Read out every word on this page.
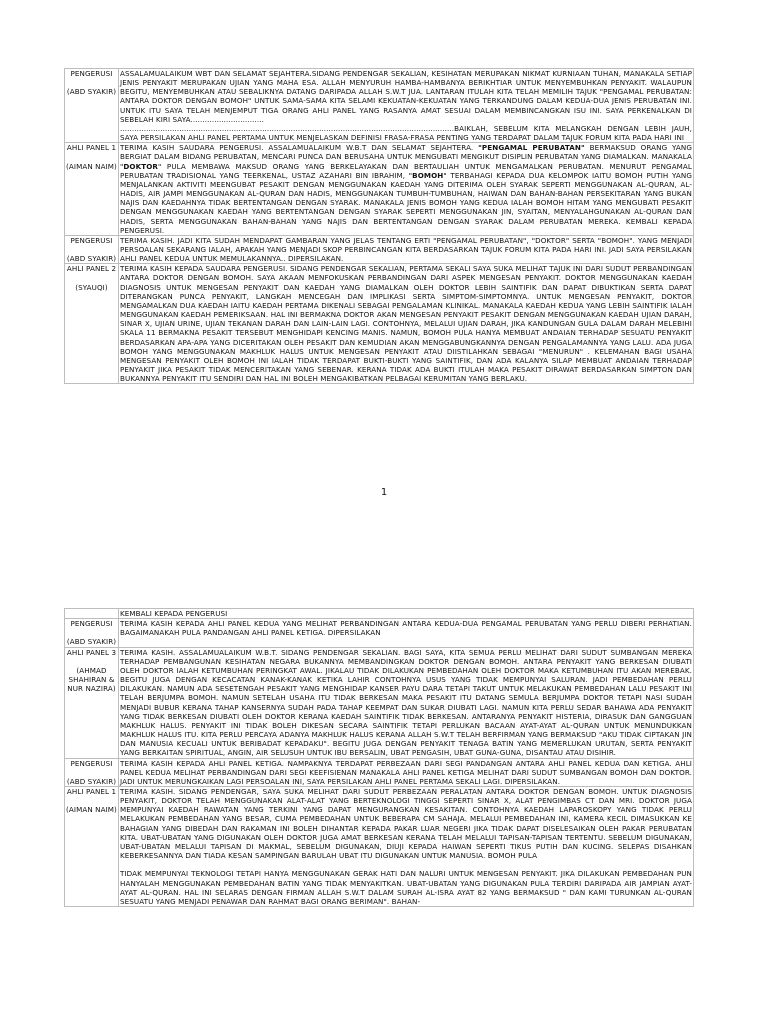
PENGERUSI

(ABD SYAKIR)	ASSALAMUALAIKUM WBT DAN SELAMAT SEJAHTERA.SIDANG PENDENGAR SEKALIAN, KESIHATAN MERUPAKAN NIKMAT KURNIAAN TUHAN, MANAKALA SETIAP JENIS PENYAKIT MERUPAKAN UJIAN YANG MAHA ESA. ALLAH MENYURUH HAMBA-HAMBANYA BERIKHTIAR UNTUK MENYEMBUHKAN PENYAKIT. WALAUPUN BEGITU, MENYEMBUHKAN ATAU SEBALIKNYA DATANG DARIPADA ALLAH S.W.T JUA. LANTARAN ITULAH KITA TELAH MEMILIH TAJUK "PENGAMAL PERUBATAN: ANTARA DOKTOR DENGAN BOMOH" UNTUK SAMA-SAMA KITA SELAMI KEKUATAN-KEKUATAN YANG TERKANDUNG DALAM KEDUA-DUA JENIS PERUBATAN INI. UNTUK ITU SAYA TELAH MENJEMPUT TIGA ORANG AHLI PANEL YANG RASANYA AMAT SESUAI DALAM MEMBINCANGKAN ISU INI. SAYA PERKENALKAN DI SEBELAH KIRI SAYA...............................
.............................................................................................................................................BAIKLAH, SEBELUM KITA MELANGKAH DENGAN LEBIH JAUH, SAYA PERSILAKAN AHLI PANEL PERTAMA UNTUK MENJELASKAN DEFINISI FRASA-FRASA PENTING YANG TERDAPAT DALAM TAJUK FORUM KITA PADA HARI INI
AHLI PANEL 1

(AIMAN NAIM)	TERIMA KASIH SAUDARA PENGERUSI. ASSALAMUALAIKUM W.B.T DAN SELAMAT SEJAHTERA. "PENGAMAL PERUBATAN" BERMAKSUD ORANG YANG BERGIAT DALAM BIDANG PERUBATAN, MENCARI PUNCA DAN BERUSAHA UNTUK MENGUBATI MENGIKUT DISIPLIN PERUBATAN YANG DIAMALKAN. MANAKALA "DOKTOR" PULA MEMBAWA MAKSUD ORANG YANG BERKELAYAKAN DAN BERTAULIAH UNTUK MENGAMALKAN PERUBATAN. MENURUT PENGAMAL PERUBATAN TRADISIONAL YANG TEERKENAL, USTAZ AZAHARI BIN IBRAHIM, "BOMOH" TERBAHAGI KEPADA DUA KELOMPOK IAITU BOMOH PUTIH YANG MENJALANKAN AKTIVITI MEENGUBAT PESAKIT DENGAN MENGGUNAKAN KAEDAH YANG DITERIMA OLEH SYARAK SEPERTI MENGGUNAKAN AL-QURAN, AL-HADIS, AIR JAMPI MENGGUNAKAN AL-QURAN DAN HADIS, MENGGUNAKAN TUMBUH-TUMBUHAN, HAIWAN DAN BAHAN-BAHAN PERSEKITARAN YANG BUKAN NAJIS DAN KAEDAHNYA TIDAK BERTENTANGAN DENGAN SYARAK. MANAKALA JENIS BOMOH YANG KEDUA IALAH BOMOH HITAM YANG MENGUBATI PESAKIT DENGAN MENGGUNAKAN KAEDAH YANG BERTENTANGAN DENGAN SYARAK SEPERTI MENGGUNAKAN JIN, SYAITAN, MENYALAHGUNAKAN AL-QURAN DAN HADIS, SERTA MENGGUNAKAN BAHAN-BAHAN YANG NAJIS DAN BERTENTANGAN DENGAN SYARAK DALAM PERUBATAN MEREKA. KEMBALI KEPADA PENGERUSI.
PENGERUSI

(ABD SYAKIR)	TERIMA KASIH. JADI KITA SUDAH MENDAPAT GAMBARAN YANG JELAS TENTANG ERTI "PENGAMAL PERUBATAN", "DOKTOR" SERTA "BOMOH". YANG MENJADI PERSOALAN SEKARANG IALAH, APAKAH YANG MENJADI SKOP PERBINCANGAN KITA BERDASARKAN TAJUK FORUM KITA PADA HARI INI. JADI SAYA PERSILAKAN AHLI PANEL KEDUA UNTUK MEMULAKANNYA.. DIPERSILAKAN.
AHLI PANEL 2

(SYAUQI)	TERIMA KASIH KEPADA SAUDARA PENGERUSI. SIDANG PENDENGAR SEKALIAN, PERTAMA SEKALI SAYA SUKA MELIHAT TAJUK INI DARI SUDUT PERBANDINGAN ANTARA DOKTOR DENGAN BOMOH. SAYA AKAAN MENFOKUSKAN PERBANDINGAN DARI ASPEK MENGESAN PENYAKIT. DOKTOR MENGGUNAKAN KAEDAH DIAGNOSIS UNTUK MENGESAN PENYAKIT DAN KAEDAH YANG DIAMALKAN OLEH DOKTOR LEBIH SAINTIFIK DAN DAPAT DIBUKTIKAN SERTA DAPAT DITERANGKAN PUNCA PENYAKIT, LANGKAH MENCEGAH DAN IMPLIKASI SERTA SIMPTOM-SIMPTOMNYA. UNTUK MENGESAN PENYAKIT, DOKTOR MENGAMALKAN DUA KAEDAH IAITU KAEDAH PERTAMA DIKENALI SEBAGAI PENGALAMAN KLINIKAL. MANAKALA KAEDAH KEDUA YANG LEBIH SAINTIFIK IALAH MENGGUNAKAN KAEDAH PEMERIKSAAN. HAL INI BERMAKNA DOKTOR AKAN MENGESAN PENYAKIT PESAKIT DENGAN MENGGUNAKAN KAEDAH UJIAN DARAH, SINAR X, UJIAN URINE, UJIAN TEKANAN DARAH DAN LAIN-LAIN LAGI. CONTOHNYA, MELALUI UJIAN DARAH, JIKA KANDUNGAN GULA DALAM DARAH MELEBIHI SKALA 11 BERMAKNA PESAKIT TERSEBUT MENGHIDAPI KENCING MANIS. NAMUN, BOMOH PULA HANYA MEMBUAT ANDAIAN TERHADAP SESUATU PENYAKIT BERDASARKAN APA-APA YANG DICERITAKAN OLEH PESAKIT DAN KEMUDIAN AKAN MENGGABUNGKANNYA DENGAN PENGALAMANNYA YANG LALU. ADA JUGA BOMOH YANG MENGGUNAKAN MAKHLUK HALUS UNTUK MENGESAN PENYAKIT ATAU DIISTILAHKAN SEBAGAI "MENURUN" . KELEMAHAN BAGI USAHA MENGESAN PENYAKIT OLEH BOMOH INI IALAH TIDAK TERDAPAT BUKTI-BUKTI YANG SAINTIFIK, DAN ADA KALANYA SILAP MEMBUAT ANDAIAN TERHADAP PENYAKIT JIKA PESAKIT TIDAK MENCERITAKAN YANG SEBENAR. KERANA TIDAK ADA BUKTI ITULAH MAKA PESAKIT DIRAWAT BERDASARKAN SIMPTON DAN BUKANNYA PENYAKIT ITU SENDIRI DAN HAL INI BOLEH MENGAKIBATKAN PELBAGAI KERUMITAN YANG BERLAKU.
1
	KEMBALI KEPADA PENGERUSI
PENGERUSI

(ABD SYAKIR)	TERIMA KASIH KEPADA AHLI PANEL KEDUA YANG MELIHAT PERBANDINGAN ANTARA KEDUA-DUA PENGAMAL PERUBATAN YANG PERLU DIBERI PERHATIAN. BAGAIMANAKAH PULA PANDANGAN AHLI PANEL KETIGA. DIPERSILAKAN
AHLI PANEL 3

(AHMAD SHAHIRAN & NUR NAZIRA)	TERIMA KASIH. ASSALAMUALAIKUM W.B.T. SIDANG PENDENGAR SEKALIAN. BAGI SAYA, KITA SEMUA PERLU MELIHAT DARI SUDUT SUMBANGAN MEREKA TERHADAP PEMBANGUNAN KESIHATAN NEGARA BUKANNYA MEMBANDINGKAN DOKTOR DENGAN BOMOH. ANTARA PENYAKIT YANG BERKESAN DIUBATI OLEH DOKTOR IALAH KETUMBUHAN PERINGKAT AWAL. JIKALAU TIDAK DILAKUKAN PEMBEDAHAN OLEH DOKTOR MAKA KETUMBUHAN ITU AKAN MEREBAK. BEGITU JUGA DENGAN KECACATAN KANAK-KANAK KETIKA LAHIR CONTOHNYA USUS YANG TIDAK MEMPUNYAI SALURAN. JADI PEMBEDAHAN PERLU DILAKUKAN. NAMUN ADA SESETENGAH PESAKIT YANG MENGHIDAP KANSER PAYU DARA TETAPI TAKUT UNTUK MELAKUKAN PEMBEDAHAN LALU PESAKIT INI TELAH BERJUMPA BOMOH. NAMUN SETELAH USAHA ITU TIDAK BERKESAN MAKA PESAKIT ITU DATANG SEMULA BERJUMPA DOKTOR TETAPI NASI SUDAH MENJADI BUBUR KERANA TAHAP KANSERNYA SUDAH PADA TAHAP KEEMPAT DAN SUKAR DIUBATI LAGI. NAMUN KITA PERLU SEDAR BAHAWA ADA PENYAKIT YANG TIDAK BERKESAN DIUBATI OLEH DOKTOR KERANA KAEDAH SAINTIFIK TIDAK BERKESAN. ANTARANYA PENYAKIT HISTERIA, DIRASUK DAN GANGGUAN MAKHLUK HALUS. PENYAKIT INI TIDAK BOLEH DIKESAN SECARA SAINTIFIK TETAPI PERLUKAN BACAAN AYAT-AYAT AL-QURAN UNTUK MENUNDUKKAN MAKHLUK HALUS ITU. KITA PERLU PERCAYA ADANYA MAKHLUK HALUS KERANA ALLAH S.W.T TELAH BERFIRMAN YANG BERMAKSUD "AKU TIDAK CIPTAKAN JIN DAN MANUSIA KECUALI UNTUK BERIBADAT KEPADAKU". BEGITU JUGA DENGAN PENYAKIT TENAGA BATIN YANG MEMERLUKAN URUTAN, SERTA PENYAKIT YANG BERKAITAN SPIRITUAL, ANGIN, AIR SELUSUH UNTUK IBU BERSALIN, UBAT PENGASIH, UBAT GUNA-GUNA, DISANTAU ATAU DISIHIR.
PENGERUSI

(ABD SYAKIR)	TERIMA KASIH KEPADA AHLI PANEL KETIGA. NAMPAKNYA TERDAPAT PERBEZAAN DARI SEGI PANDANGAN ANTARA AHLI PANEL KEDUA DAN KETIGA. AHLI PANEL KEDUA MELIHAT PERBANDINGAN DARI SEGI KEEFISIENAN MANAKALA AHLI PANEL KETIGA MELIHAT DARI SUDUT SUMBANGAN BOMOH DAN DOKTOR. JADI UNTUK MERUNGKAIKAN LAGI PERSOALAN INI, SAYA PERSILAKAN AHLI PANEL PERTAMA SEKALI LAGI. DIPERSILAKAN.
AHLI PANEL 1

(AIMAN NAIM)	TERIMA KASIH. SIDANG PENDENGAR, SAYA SUKA MELIHAT DARI SUDUT PERBEZAAN PERALATAN ANTARA DOKTOR DENGAN BOMOH. UNTUK DIAGNOSIS PENYAKIT, DOKTOR TELAH MENGGUNAKAN ALAT-ALAT YANG BERTEKNOLOGI TINGGI SEPERTI SINAR X, ALAT PENGIMBAS CT DAN MRI. DOKTOR JUGA MEMPUNYAI KAEDAH RAWATAN YANG TERKINI YANG DAPAT MENGURANGKAN KESAKITAN. CONTOHNYA KAEDAH LAPAROSKOPY YANG TIDAK PERLU MELAKUKAN PEMBEDAHAN YANG BESAR, CUMA PEMBEDAHAN UNTUK BEBERAPA CM SAHAJA. MELALUI PEMBEDAHAN INI, KAMERA KECIL DIMASUKKAN KE BAHAGIAN YANG DIBEDAH DAN RAKAMAN INI BOLEH DIHANTAR KEPADA PAKAR LUAR NEGERI JIKA TIDAK DAPAT DISELESAIKAN OLEH PAKAR PERUBATAN KITA. UBAT-UBATAN YANG DIGUNAKAN OLEH DOKTOR JUGA AMAT BERKESAN KERANA TELAH MELALUI TAPISAN-TAPISAN TERTENTU. SEBELUM DIGUNAKAN, UBAT-UBATAN MELALUI TAPISAN DI MAKMAL, SEBELUM DIGUNAKAN, DIUJI KEPADA HAIWAN SEPERTI TIKUS PUTIH DAN KUCING. SELEPAS DISAHKAN KEBERKESANNYA DAN TIADA KESAN SAMPINGAN BARULAH UBAT ITU DIGUNAKAN UNTUK MANUSIA. BOMOH PULA

TIDAK MEMPUNYAI TEKNOLOGI TETAPI HANYA MENGGUNAKAN GERAK HATI DAN NALURI UNTUK MENGESAN PENYAKIT. JIKA DILAKUKAN PEMBEDAHAN PUN HANYALAH MENGGUNAKAN PEMBEDAHAN BATIN YANG TIDAK MENYAKITKAN. UBAT-UBATAN YANG DIGUNAKAN PULA TERDIRI DARIPADA AIR JAMPIAN AYAT-AYAT AL-QURAN. HAL INI SELARAS DENGAN FIRMAN ALLAH S.W.T DALAM SURAH AL-ISRA AYAT 82 YANG BERMAKSUD " DAN KAMI TURUNKAN AL-QURAN SESUATU YANG MENJADI PENAWAR DAN RAHMAT BAGI ORANG BERIMAN". BAHAN-
